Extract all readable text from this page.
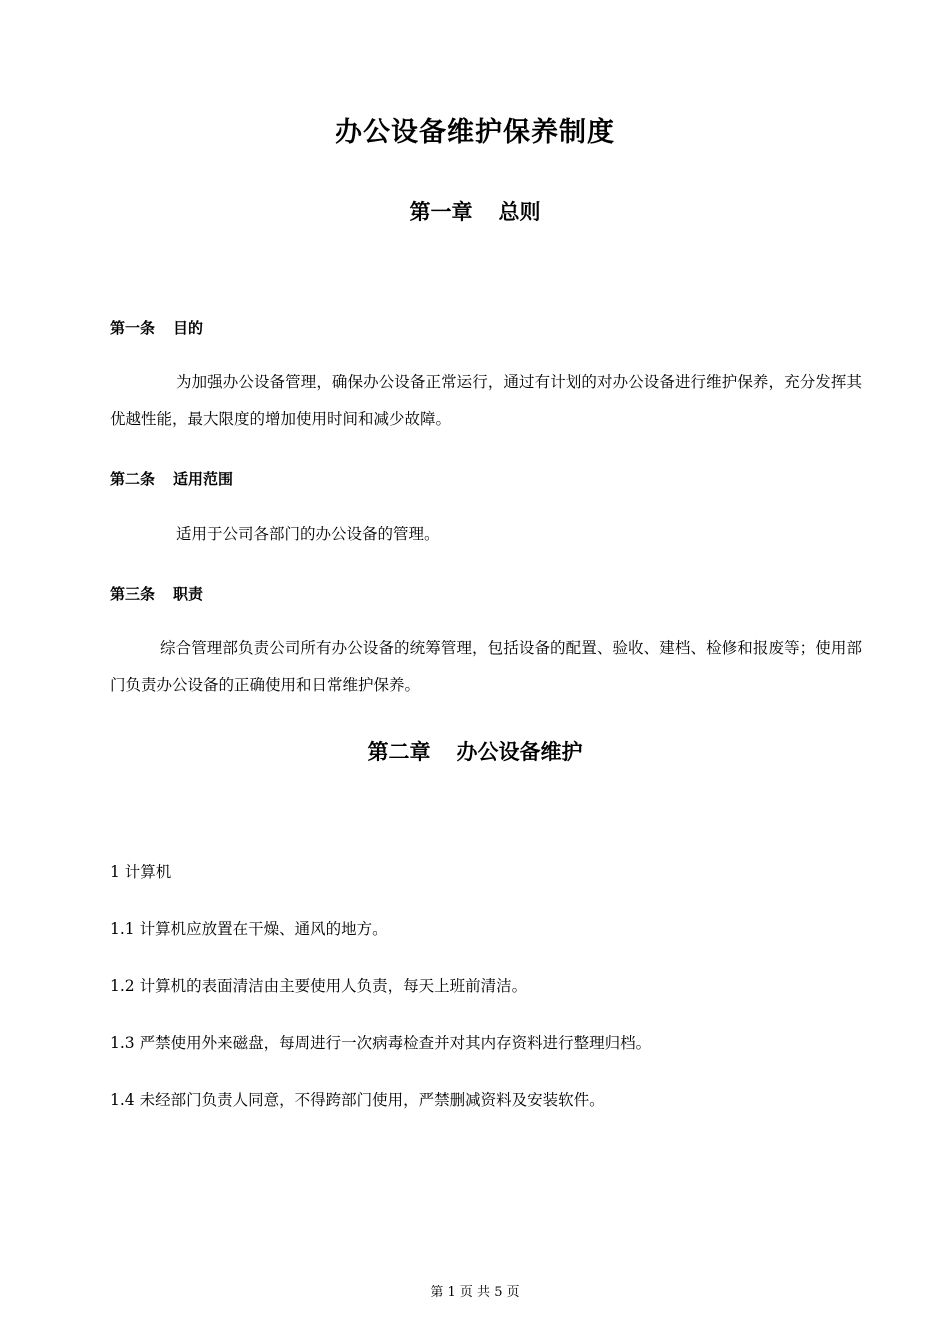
办公设备维护保养制度
第一章 总则
第一条 目的
为加强办公设备管理，确保办公设备正常运行，通过有计划的对办公设备进行维护保养，充分发挥其优越性能，最大限度的增加使用时间和减少故障。
第二条 适用范围
适用于公司各部门的办公设备的管理。
第三条 职责
综合管理部负责公司所有办公设备的统筹管理，包括设备的配置、验收、建档、检修和报废等；使用部门负责办公设备的正确使用和日常维护保养。
第二章 办公设备维护
1 计算机
1.1 计算机应放置在干燥、通风的地方。
1.2 计算机的表面清洁由主要使用人负责，每天上班前清洁。
1.3 严禁使用外来磁盘，每周进行一次病毒检查并对其内存资料进行整理归档。
1.4 未经部门负责人同意，不得跨部门使用，严禁删减资料及安装软件。
第 1 页 共 5 页
